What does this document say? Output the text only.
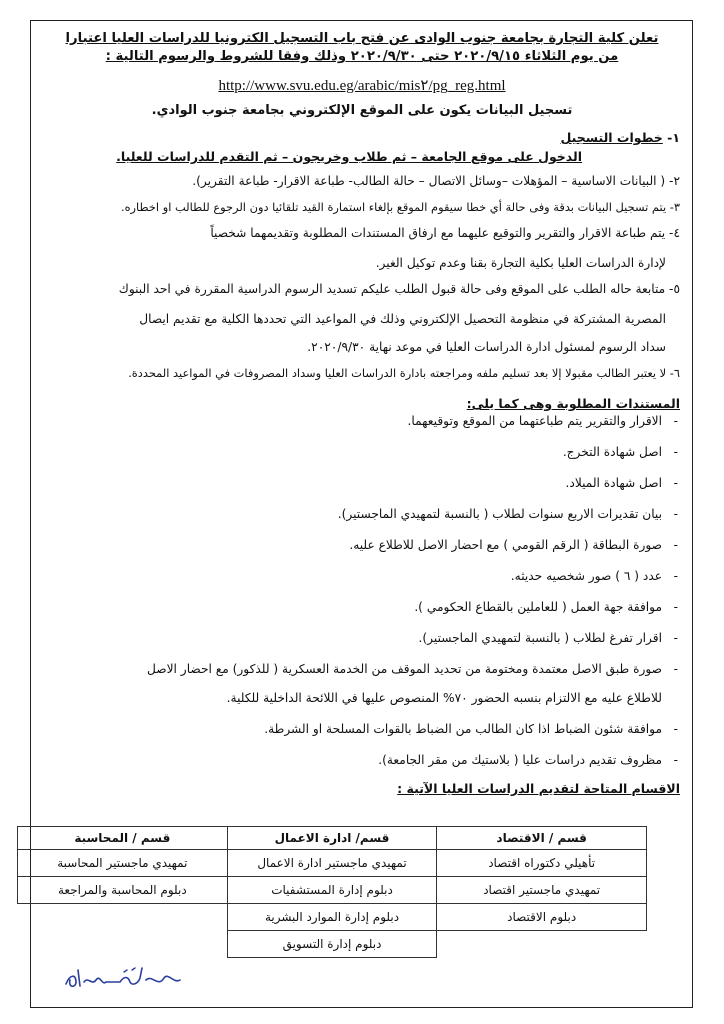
تعلن كلية التجارة بجامعة جنوب الوادى عن فتح باب التسجيل الكترونيا للدراسات العليا اعتبارا
من يوم الثلاثاء ٢٠٢٠/٩/١٥ حتى ٢٠٢٠/٩/٣٠ وذلك وفقا للشروط والرسوم التالية :
http://www.svu.edu.eg/arabic/mis٢/pg_reg.html
تسجيل البيانات يكون على الموقع الإلكتروني بجامعة جنوب الوادي.
١- خطوات التسجيل
الدخول على موقع الجامعة – ثم طلاب وخريجون – ثم التقدم للدراسات للعليا.
٢- ( البيانات الاساسية – المؤهلات –وسائل الاتصال – حالة الطالب- طباعة الاقرار- طباعة التقرير).
٣- يتم تسجيل البيانات بدقة وفى حالة أي خطا سيقوم الموقع بإلغاء استمارة القيد تلقائيا دون الرجوع للطالب او اخطاره.
٤- يتم طباعة الاقرار والتقرير والتوقيع عليهما مع ارفاق المستندات المطلوبة وتقديمهما شخصياً
لإدارة الدراسات العليا بكلية التجارة بقنا وعدم توكيل الغير.
٥- متابعة حاله الطلب على الموقع وفى حالة قبول الطلب عليكم تسديد الرسوم الدراسية المقررة في احد البنوك
المصرية المشتركة في منظومة التحصيل الإلكتروني وذلك في المواعيد التي تحددها الكلية مع تقديم ايصال
سداد الرسوم لمسئول ادارة الدراسات العليا في موعد نهاية ٢٠٢٠/٩/٣٠.
٦- لا يعتبر الطالب مقبولا إلا بعد تسليم ملفه ومراجعته بادارة الدراسات العليا وسداد المصروفات في المواعيد المحددة.
المستندات المطلوبة وهى كما يلى:
- الاقرار والتقرير يتم طباعتهما من الموقع وتوقيعهما.
- اصل شهادة التخرج.
- اصل شهادة الميلاد.
- بيان تقديرات الاربع سنوات لطلاب ( بالنسبة لتمهيدي الماجستير).
- صورة البطاقة ( الرقم القومي ) مع احضار الاصل للاطلاع عليه.
- عدد ( ٦ ) صور شخصيه حديثه.
- موافقة جهة العمل ( للعاملين بالقطاع الحكومي ).
- اقرار تفرغ لطلاب ( بالنسبة لتمهيدي الماجستير).
- صورة طبق الاصل معتمدة ومختومة من تحديد الموقف من الخدمة العسكرية ( للذكور) مع احضار الاصل
للاطلاع عليه مع الالتزام بنسبه الحضور ٧٠% المنصوص عليها في اللائحة الداخلية للكلية.
- موافقة شئون الضباط اذا كان الطالب من الضباط بالقوات المسلحة او الشرطة.
- مظروف تقديم دراسات عليا ( بلاستيك من مقر الجامعة).
الاقسام المتاحة لتقديم الدراسات العليا الآتية :
قسم / الاقتصاد	قسم/ ادارة الاعمال	قسم / المحاسبة
تأهيلي دكتوراه اقتصاد	تمهيدي ماجستير ادارة الاعمال	تمهيدي ماجستير المحاسبة
تمهيدي ماجستير اقتصاد	دبلوم إدارة المستشفيات	دبلوم المحاسبة والمراجعة
دبلوم الاقتصاد	دبلوم إدارة الموارد البشرية	
	دبلوم إدارة التسويق	
